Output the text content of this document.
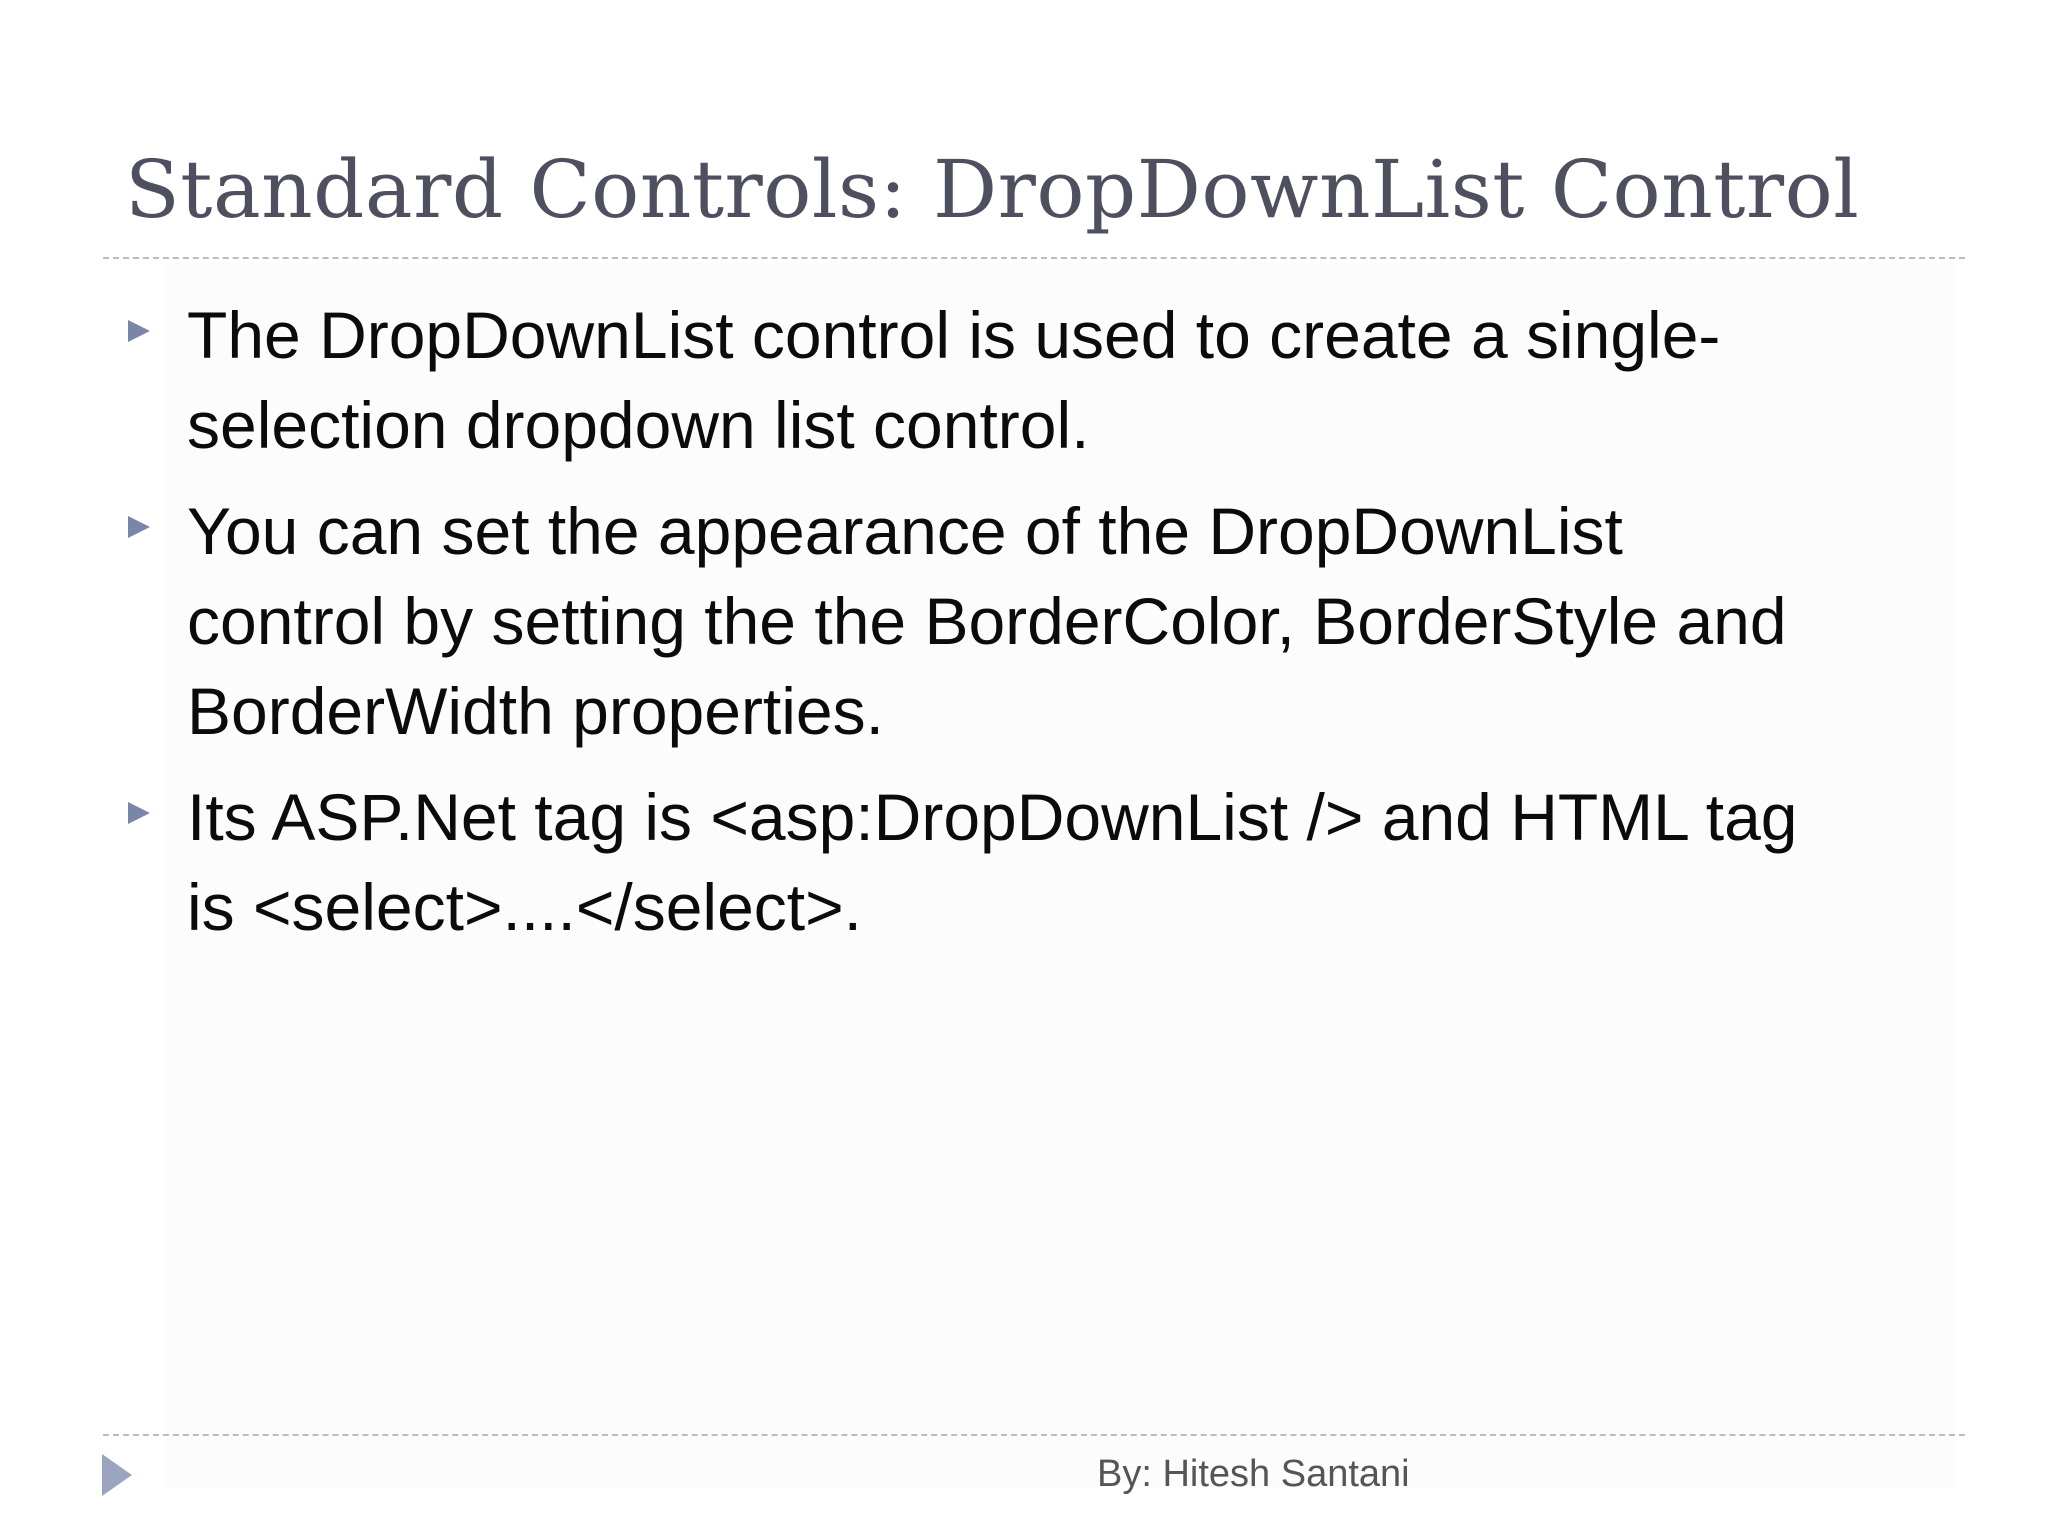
Standard Controls: DropDownList Control
The DropDownList control is used to create a single-
selection dropdown list control.
You can set the appearance of the DropDownList
control by setting the the BorderColor, BorderStyle and
BorderWidth properties.
Its ASP.Net tag is <asp:DropDownList /> and HTML tag
is <select>....</select>.
By: Hitesh Santani
